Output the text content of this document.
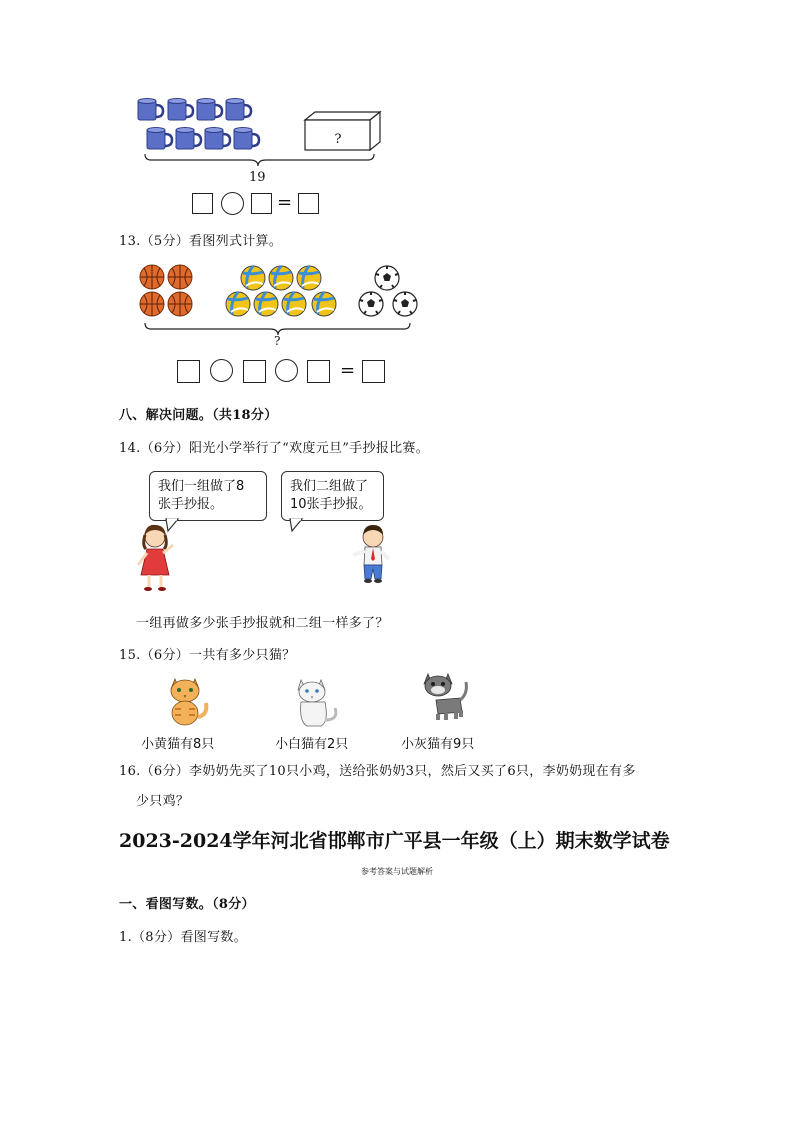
?
19
=
13.（5分）看图列式计算。
?
=
八、解决问题。（共18分）
14.（6分）阳光小学举行了“欢度元旦”手抄报比赛。
我们一组做了8
张手抄报。
我们二组做了
10张手抄报。
一组再做多少张手抄报就和二组一样多了？
15.（6分）一共有多少只猫？
小黄猫有8只	小白猫有2只	小灰猫有9只
16.（6分）李奶奶先买了10只小鸡，送给张奶奶3只，然后又买了6只，李奶奶现在有多
少只鸡？
2023-2024学年河北省邯郸市广平县一年级（上）期末数学试卷
参考答案与试题解析
一、看图写数。（8分）
1.（8分）看图写数。
